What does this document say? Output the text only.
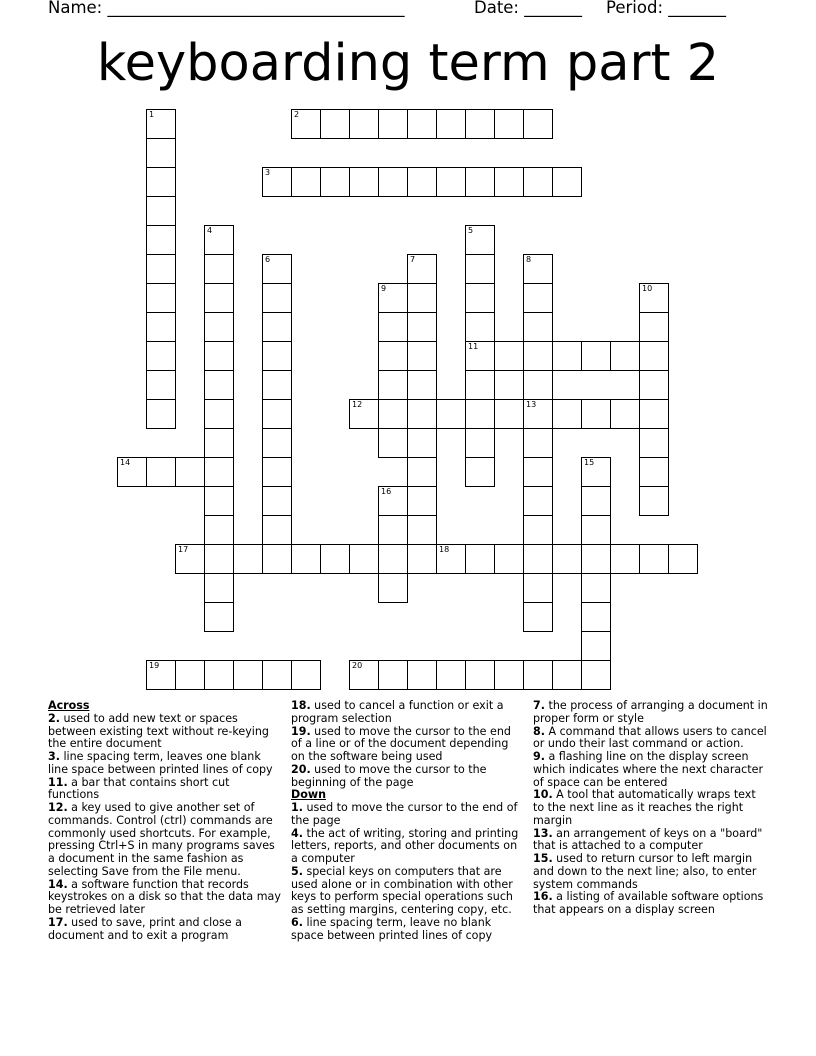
Name: ____________________________________	Date: _______ Period: _______
keyboarding term part 2
1	2
3
4	5
11
6	7	8
13
9	10
12
14	15
16
17	18
19	20

Across

2. used to add new text or spaces between existing text without re-keying the entire document

3. line spacing term, leaves one blank line space between printed lines of copy

11. a bar that contains short cut functions

12. a key used to give another set of commands. Control (ctrl) commands are commonly used shortcuts. For example, pressing Ctrl+S in many programs saves a document in the same fashion as selecting Save from the File menu.

14. a software function that records keystrokes on a disk so that the data may be retrieved later

17. used to save, print and close a document and to exit a program

18. used to cancel a function or exit a program selection

19. used to move the cursor to the end of a line or of the document depending on the software being used

20. used to move the cursor to the beginning of the page

Down

1. used to move the cursor to the end of the page

4. the act of writing, storing and printing letters, reports, and other documents on a computer

5. special keys on computers that are used alone or in combination with other keys to perform special operations such as setting margins, centering copy, etc.

6. line spacing term, leave no blank space between printed lines of copy

7. the process of arranging a document in proper form or style

8. A command that allows users to cancel or undo their last command or action.

9. a flashing line on the display screen which indicates where the next character of space can be entered

10. A tool that automatically wraps text to the next line as it reaches the right margin

13. an arrangement of keys on a "board" that is attached to a computer

15. used to return cursor to left margin and down to the next line; also, to enter system commands

16. a listing of available software options that appears on a display screen
